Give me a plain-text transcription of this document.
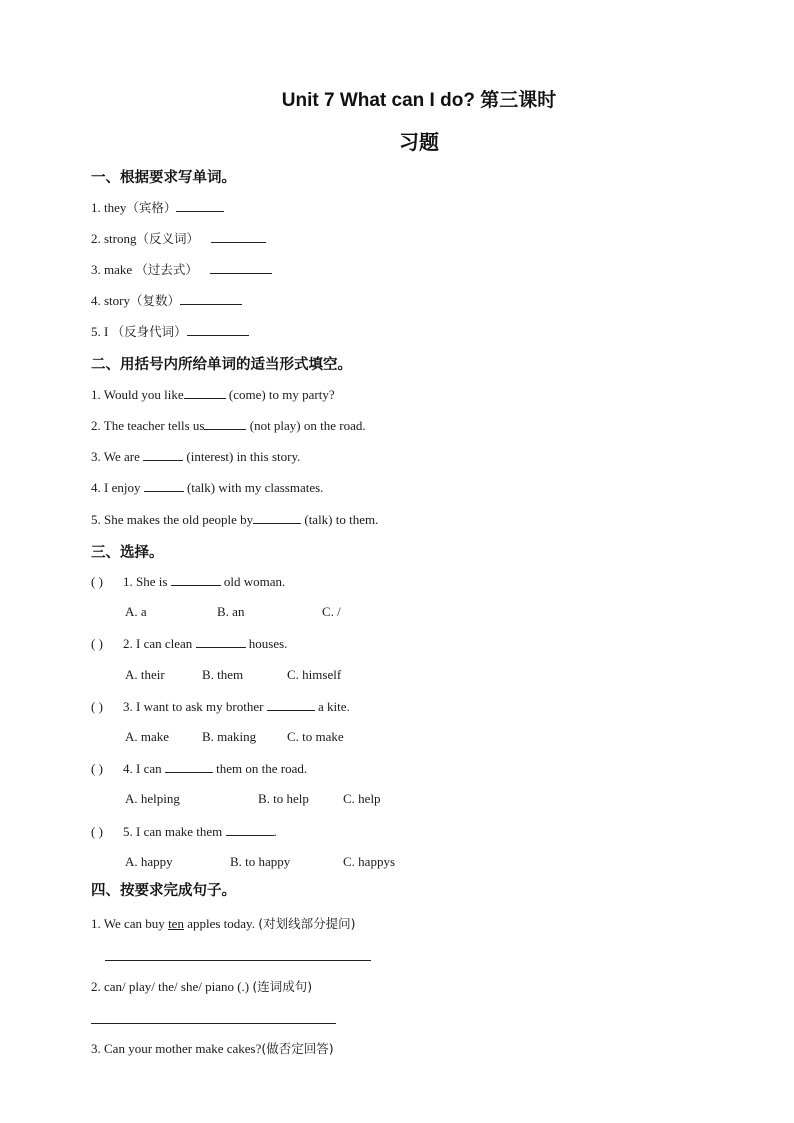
Unit 7 What can I do? 第三课时
习题
一、根据要求写单词。
1. they（宾格）
2. strong（反义词）
3. make （过去式）
4. story（复数）
5. I （反身代词）
二、用括号内所给单词的适当形式填空。
1. Would you like	(come) to my party?
2. The teacher tells us	(not play) on the road.
3. We are	(interest) in this story.
4. I enjoy	(talk) with my classmates.
5. She makes the old people by	(talk) to them.
三、选择。
( ) 1. She is	old woman.
A. a	B. an	C. /
( ) 2. I can clean	houses.
A. their	B. them	C. himself
( ) 3. I want to ask my brother	a kite.
A. make	B. making C. to make
( ) 4. I can	them on the road.
A. helping	B. to help	C. help
( ) 5. I can make them	.
A. happy	B. to happy	C. happys
四、按要求完成句子。
1. We can buy ten apples today. (对划线部分提问)
2. can/ play/ the/ she/ piano (.) (连词成句)
3. Can your mother make cakes?(做否定回答)
